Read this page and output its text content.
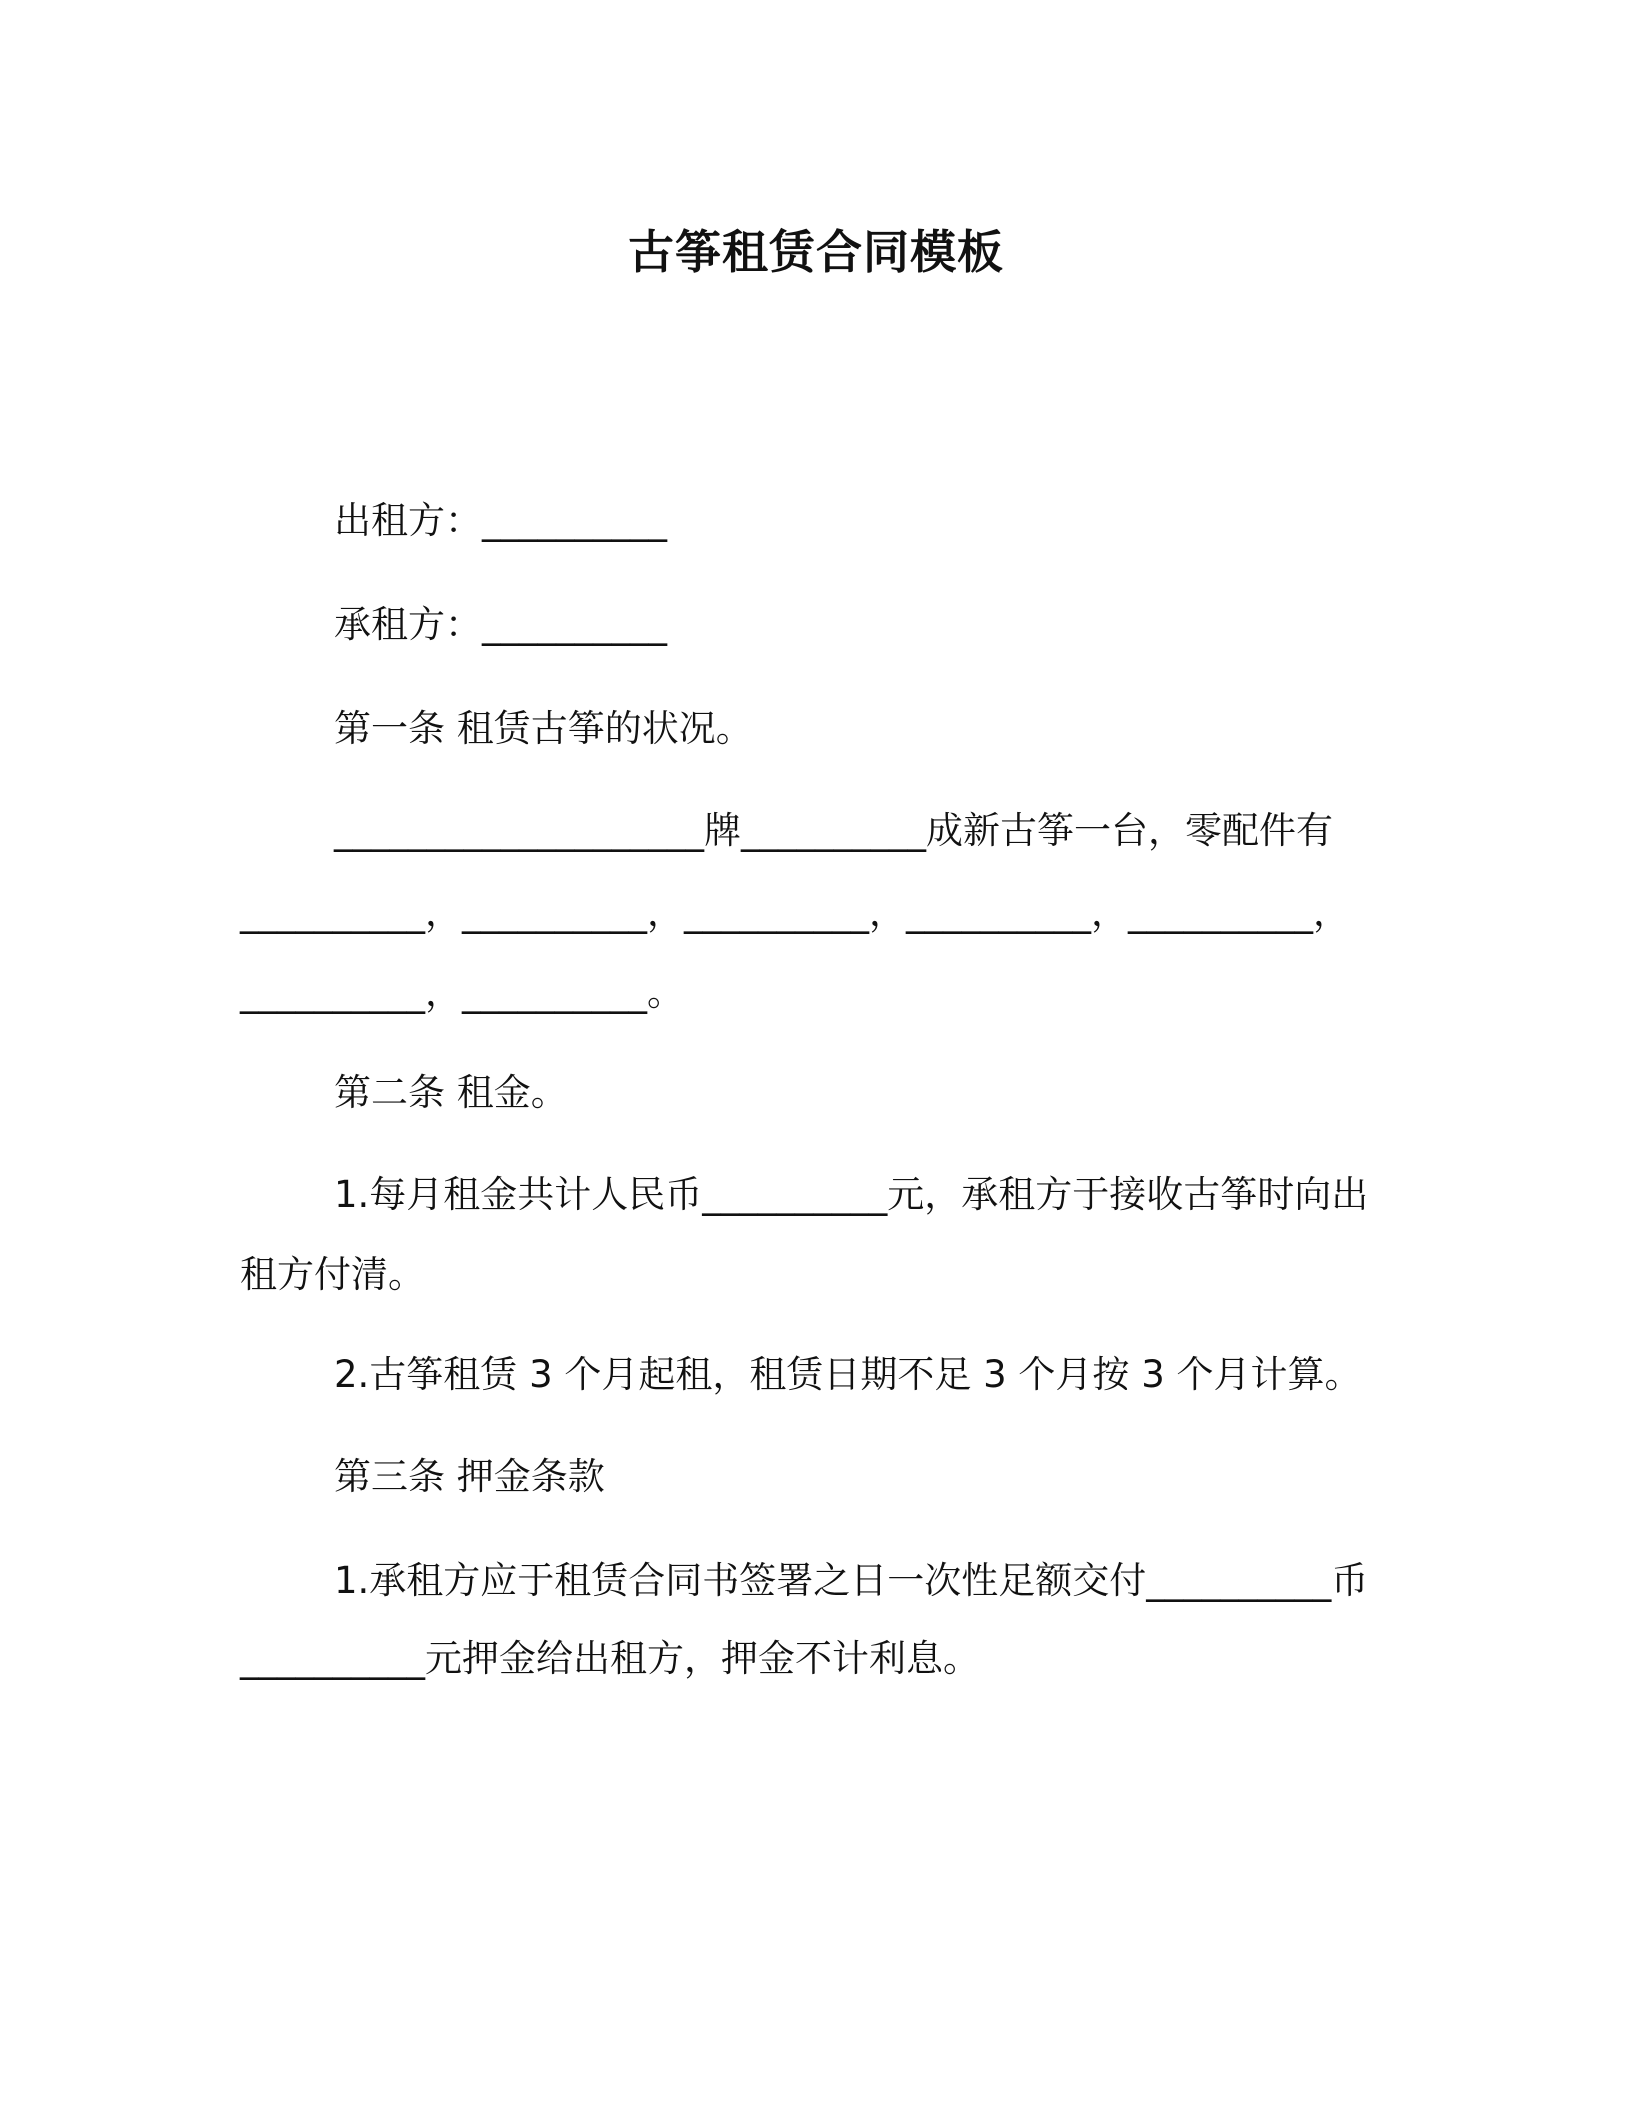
古筝租赁合同模板
出租方：__________
承租方：__________
第一条 租赁古筝的状况。
____________________牌__________成新古筝一台，零配件有
__________，__________，__________，__________，__________，
__________，__________。
第二条 租金。
1.每月租金共计人民币__________元，承租方于接收古筝时向出
租方付清。
2.古筝租赁 3 个月起租，租赁日期不足 3 个月按 3 个月计算。
第三条 押金条款
1.承租方应于租赁合同书签署之日一次性足额交付__________币
__________元押金给出租方，押金不计利息。
